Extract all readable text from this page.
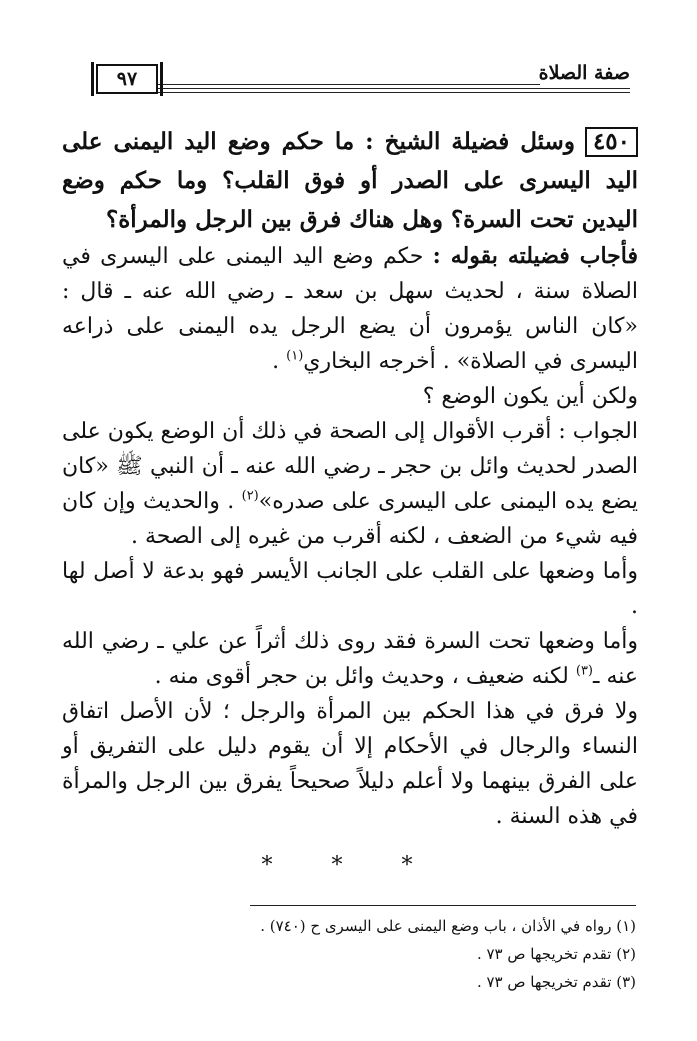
صفة الصلاة
٩٧

٤٥٠وسئل فضيلة الشيخ : ما حكم وضع اليد اليمنى على اليد اليسرى على الصدر أو فوق القلب؟ وما حكم وضع اليدين تحت السرة؟ وهل هناك فرق بين الرجل والمرأة؟

فأجاب فضيلته بقوله : حكم وضع اليد اليمنى على اليسرى في الصلاة سنة ، لحديث سهل بن سعد ـ رضي الله عنه ـ قال : «كان الناس يؤمرون أن يضع الرجل يده اليمنى على ذراعه اليسرى في الصلاة» . أخرجه البخاري$^{(١)}$ .

ولكن أين يكون الوضع ؟

الجواب : أقرب الأقوال إلى الصحة في ذلك أن الوضع يكون على الصدر لحديث وائل بن حجر ـ رضي الله عنه ـ أن النبي ﷺ «كان يضع يده اليمنى على اليسرى على صدره»$^{(٢)}$ . والحديث وإن كان فيه شيء من الضعف ، لكنه أقرب من غيره إلى الصحة .

وأما وضعها على القلب على الجانب الأيسر فهو بدعة لا أصل لها .

وأما وضعها تحت السرة فقد روى ذلك أثراً عن علي ـ رضي الله عنه ـ$^{(٣)}$ لكنه ضعيف ، وحديث وائل بن حجر أقوى منه .

ولا فرق في هذا الحكم بين المرأة والرجل ؛ لأن الأصل اتفاق النساء والرجال في الأحكام إلا أن يقوم دليل على التفريق أو على الفرق بينهما ولا أعلم دليلاً صحيحاً يفرق بين الرجل والمرأة في هذه السنة .

* * *
(١) رواه في الأذان ، باب وضع اليمنى على اليسرى ح (٧٤٠) .
(٢) تقدم تخريجها ص ٧٣ .
(٣) تقدم تخريجها ص ٧٣ .
